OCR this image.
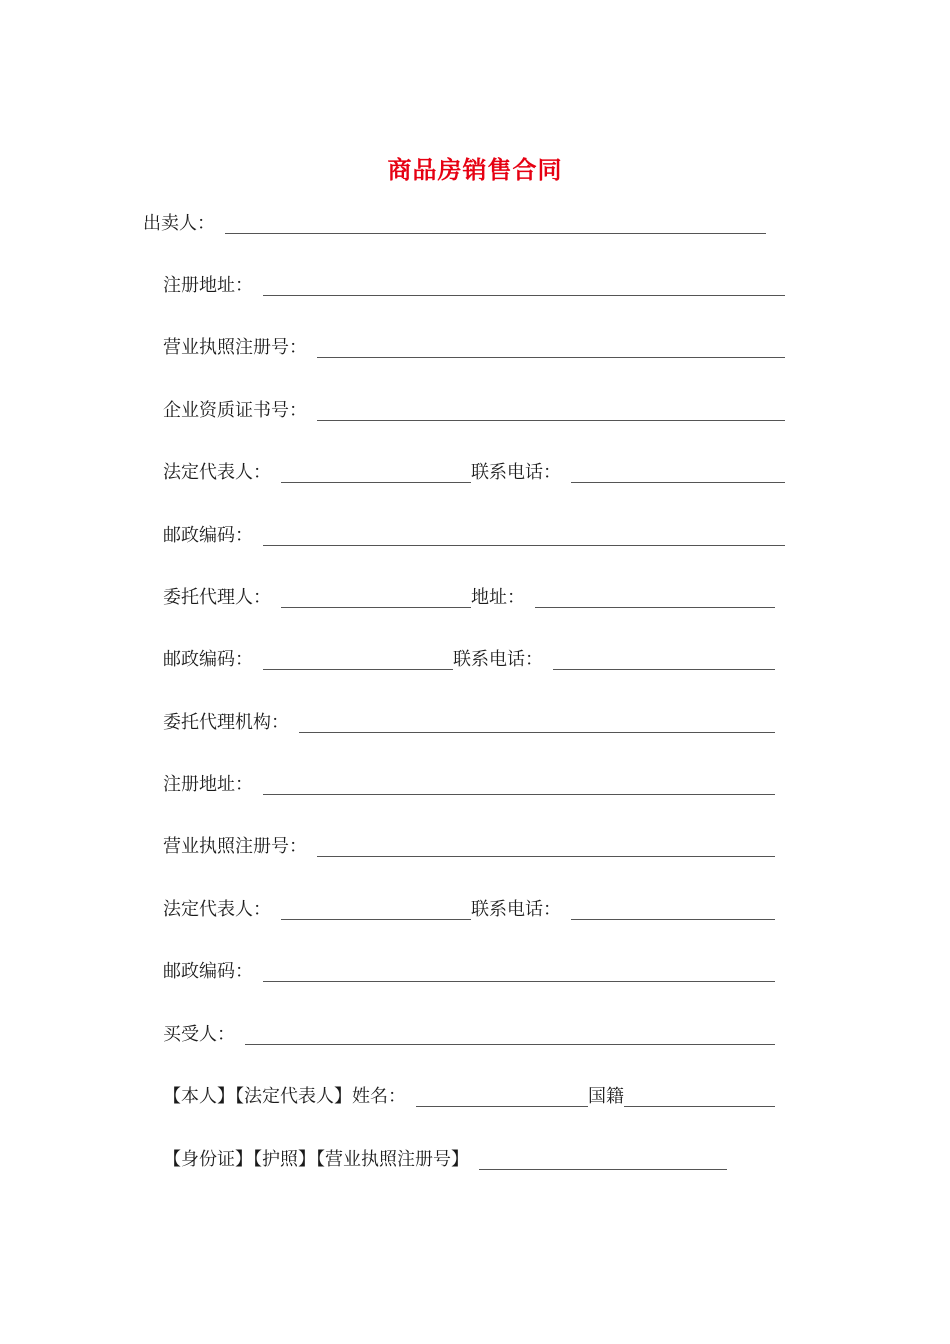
商品房销售合同
出卖人：
注册地址：
营业执照注册号：
企业资质证书号：
法定代表人：	联系电话：
邮政编码：
委托代理人：	地址：
邮政编码：	联系电话：
委托代理机构：
注册地址：
营业执照注册号：
法定代表人：	联系电话：
邮政编码：
买受人：
【本人】【法定代表人】姓名：	国籍
【身份证】【护照】【营业执照注册号】
